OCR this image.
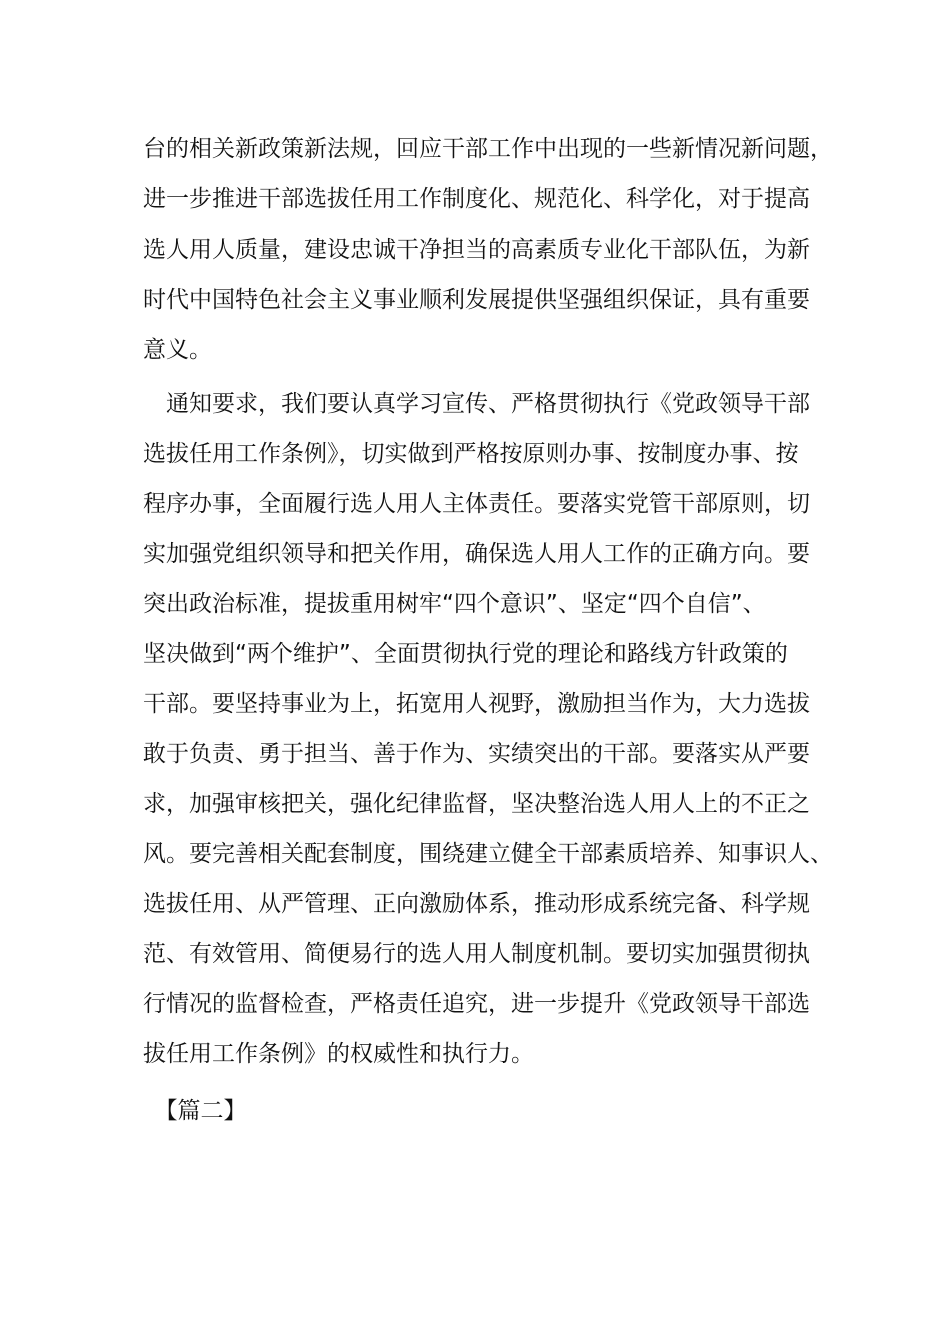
台的相关新政策新法规，回应干部工作中出现的一些新情况新问题，
进一步推进干部选拔任用工作制度化、规范化、科学化，对于提高
选人用人质量，建设忠诚干净担当的高素质专业化干部队伍，为新
时代中国特色社会主义事业顺利发展提供坚强组织保证，具有重要
意义。
　通知要求，我们要认真学习宣传、严格贯彻执行《党政领导干部
选拔任用工作条例》，切实做到严格按原则办事、按制度办事、按
程序办事，全面履行选人用人主体责任。要落实党管干部原则，切
实加强党组织领导和把关作用，确保选人用人工作的正确方向。要
突出政治标准，提拔重用树牢“四个意识”、坚定“四个自信”、
坚决做到“两个维护”、全面贯彻执行党的理论和路线方针政策的
干部。要坚持事业为上，拓宽用人视野，激励担当作为，大力选拔
敢于负责、勇于担当、善于作为、实绩突出的干部。要落实从严要
求，加强审核把关，强化纪律监督，坚决整治选人用人上的不正之
风。要完善相关配套制度，围绕建立健全干部素质培养、知事识人、
选拔任用、从严管理、正向激励体系，推动形成系统完备、科学规
范、有效管用、简便易行的选人用人制度机制。要切实加强贯彻执
行情况的监督检查，严格责任追究，进一步提升《党政领导干部选
拔任用工作条例》的权威性和执行力。
　【篇二】
